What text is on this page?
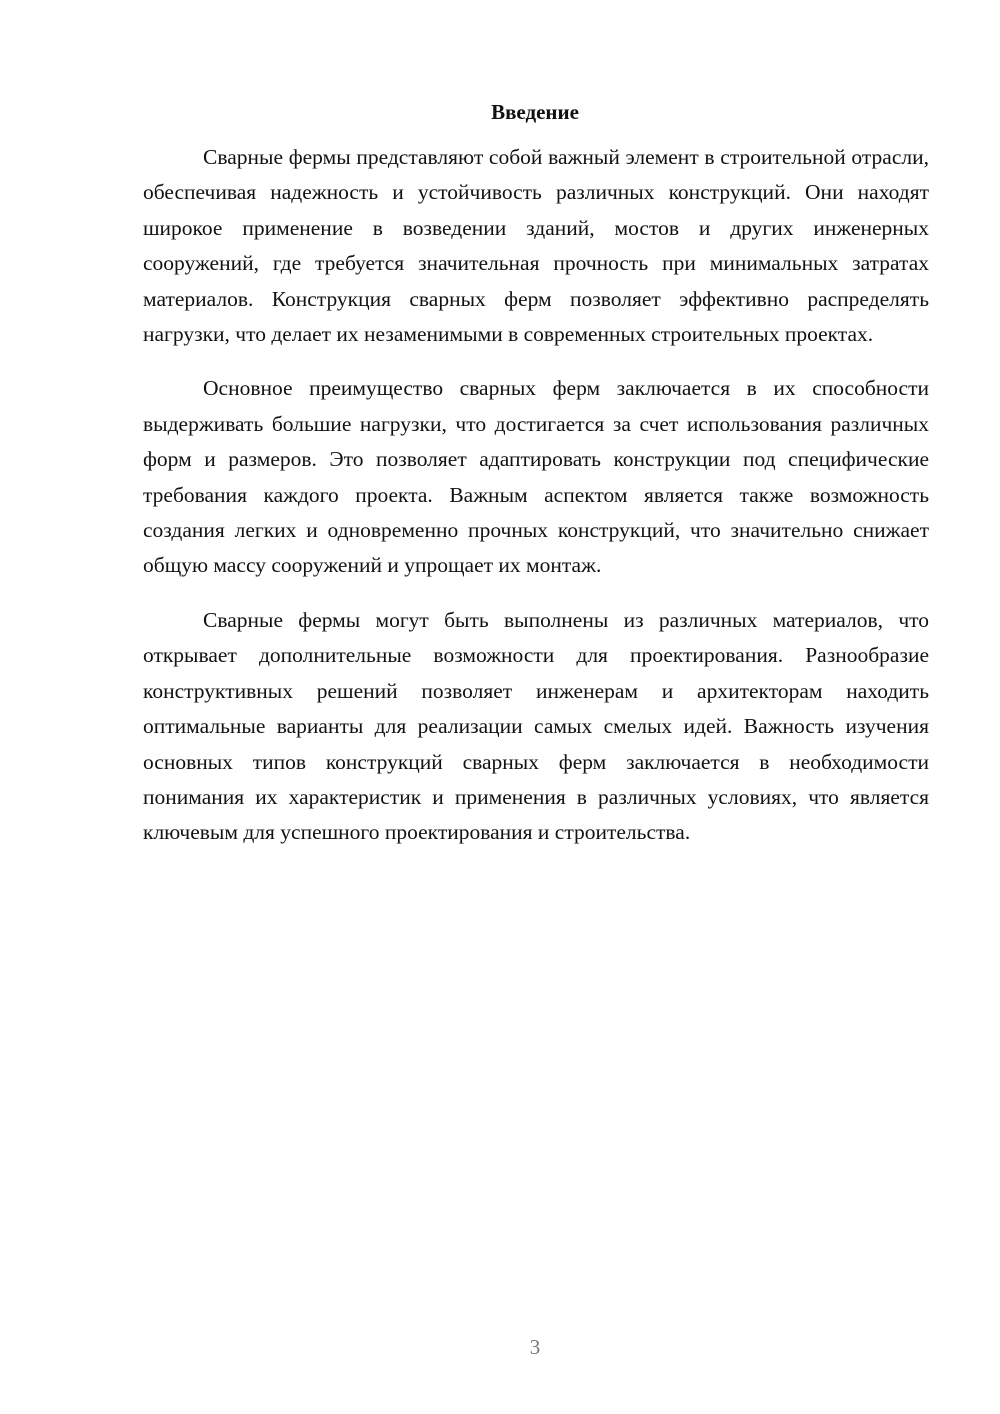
Введение

Сварные фермы представляют собой важный элемент в строительной отрасли, обеспечивая надежность и устойчивость различных конструкций. Они находят широкое применение в возведении зданий, мостов и других инженерных сооружений, где требуется значительная прочность при минимальных затратах материалов. Конструкция сварных ферм позволяет эффективно распределять нагрузки, что делает их незаменимыми в современных строительных проектах.

Основное преимущество сварных ферм заключается в их способности выдерживать большие нагрузки, что достигается за счет использования различных форм и размеров. Это позволяет адаптировать конструкции под специфические требования каждого проекта. Важным аспектом является также возможность создания легких и одновременно прочных конструкций, что значительно снижает общую массу сооружений и упрощает их монтаж.

Сварные фермы могут быть выполнены из различных материалов, что открывает дополнительные возможности для проектирования. Разнообразие конструктивных решений позволяет инженерам и архитекторам находить оптимальные варианты для реализации самых смелых идей. Важность изучения основных типов конструкций сварных ферм заключается в необходимости понимания их характеристик и применения в различных условиях, что является ключевым для успешного проектирования и строительства.

3
